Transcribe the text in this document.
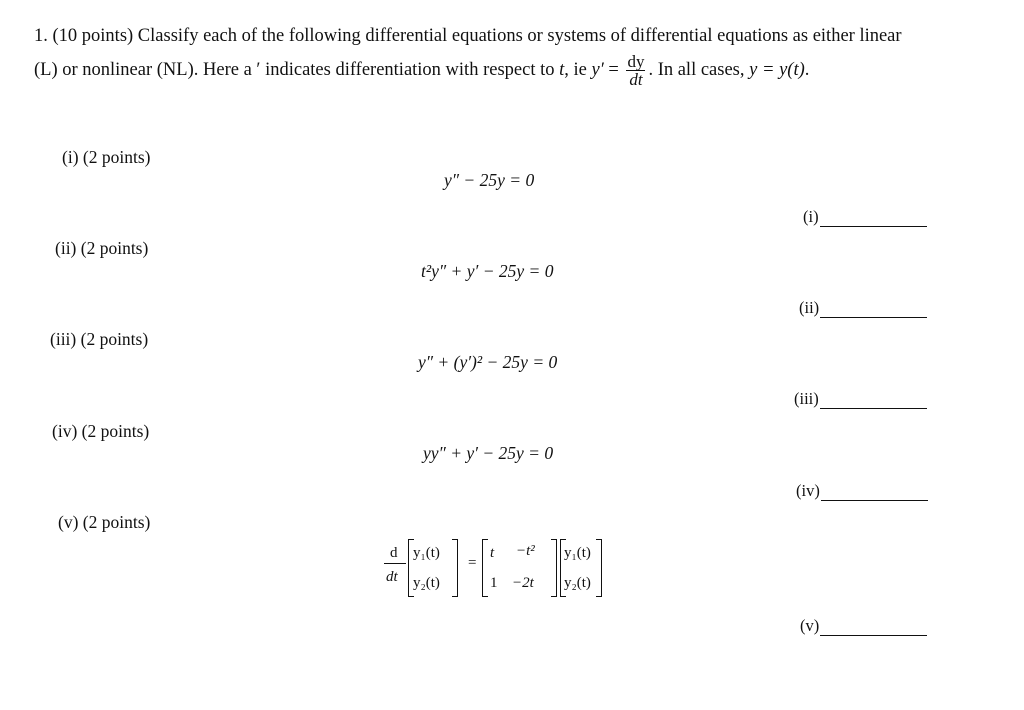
1. (10 points) Classify each of the following differential equations or systems of differential equations as either linear
(L) or nonlinear (NL). Here a ′ indicates differentiation with respect to t, ie $y' = \frac{dy}{dt}$ . In all cases, y = y(t).
(i) (2 points)
(ii) (2 points)
(iii) (2 points)
(iv) (2 points)
(v) (2 points)
y″ − 25y = 0
t²y″ + y′ − 25y = 0
y″ + (y′)² − 25y = 0
yy″ + y′ − 25y = 0
d
dt
y₁(t)
y₂(t)
=
t −t²
1 −2t
y₁(t)
y₂(t)
(i)
(ii)
(iii)
(iv)
(v)
